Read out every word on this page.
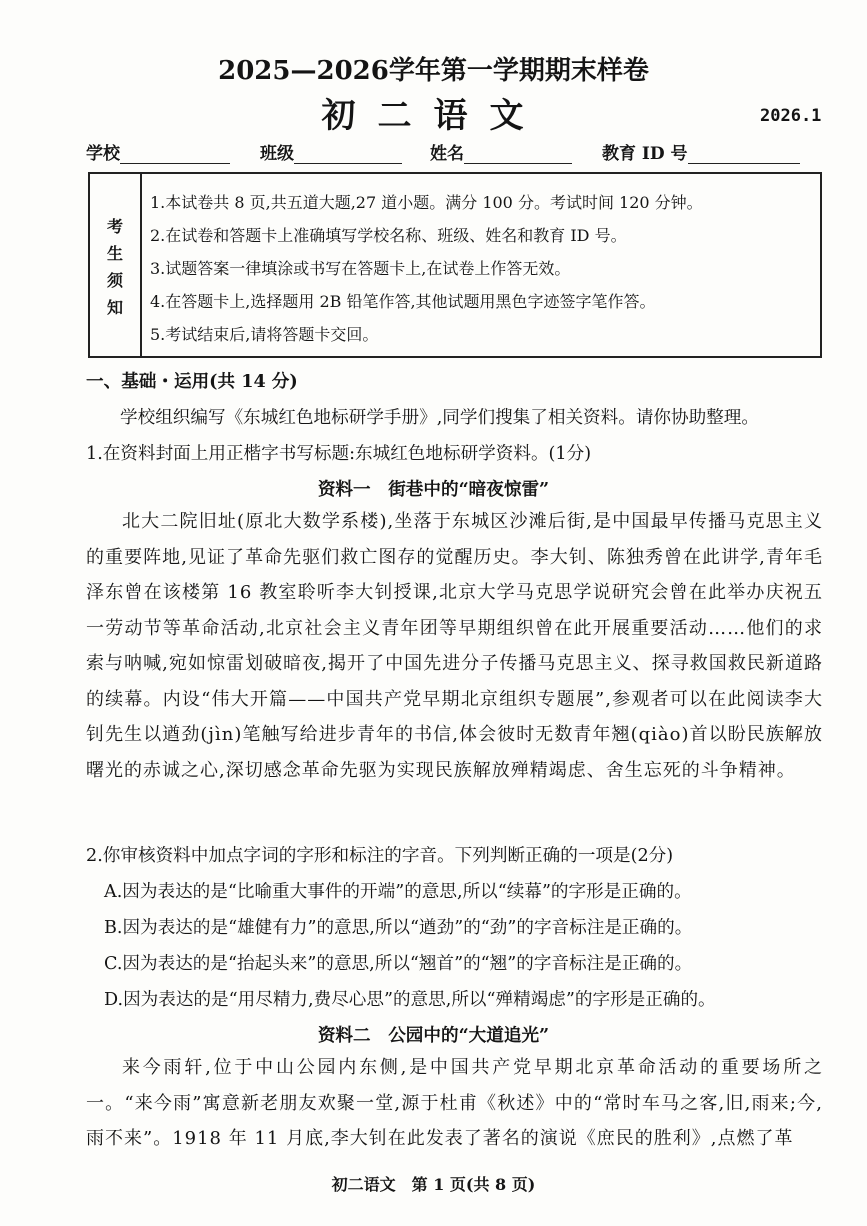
2025—2026学年第一学期期末样卷
初二语文	2026.1
学校	班级	姓名	教育 ID 号
考
生
须
知
1.本试卷共 8 页,共五道大题,27 道小题。满分 100 分。考试时间 120 分钟。
2.在试卷和答题卡上准确填写学校名称、班级、姓名和教育 ID 号。
3.试题答案一律填涂或书写在答题卡上,在试卷上作答无效。
4.在答题卡上,选择题用 2B 铅笔作答,其他试题用黑色字迹签字笔作答。
5.考试结束后,请将答题卡交回。
一、基础・运用(共 14 分)
学校组织编写《东城红色地标研学手册》,同学们搜集了相关资料。请你协助整理。
1.在资料封面上用正楷字书写标题:东城红色地标研学资料。(1分)
资料一　街巷中的“暗夜惊雷”

北大二院旧址(原北大数学系楼),坐落于东城区沙滩后街,是中国最早传播马克思主义的重要阵地,见证了革命先驱们救亡图存的觉醒历史。李大钊、陈独秀曾在此讲学,青年毛泽东曾在该楼第 16 教室聆听李大钊授课,北京大学马克思学说研究会曾在此举办庆祝五一劳动节等革命活动,北京社会主义青年团等早期组织曾在此开展重要活动……他们的求索与呐喊,宛如惊雷划破暗夜,揭开了中国先进分子传播马克思主义、探寻救国救民新道路的续幕。内设“伟大开篇——中国共产党早期北京组织专题展”,参观者可以在此阅读李大钊先生以遒劲(jìn)笔触写给进步青年的书信,体会彼时无数青年翘(qiào)首以盼民族解放曙光的赤诚之心,深切感念革命先驱为实现民族解放殚精竭虑、舍生忘死的斗争精神。

2.你审核资料中加点字词的字形和标注的字音。下列判断正确的一项是(2分)
A.因为表达的是“比喻重大事件的开端”的意思,所以“续幕”的字形是正确的。
B.因为表达的是“雄健有力”的意思,所以“遒劲”的“劲”的字音标注是正确的。
C.因为表达的是“抬起头来”的意思,所以“翘首”的“翘”的字音标注是正确的。
D.因为表达的是“用尽精力,费尽心思”的意思,所以“殚精竭虑”的字形是正确的。
资料二　公园中的“大道追光”

来今雨轩,位于中山公园内东侧,是中国共产党早期北京革命活动的重要场所之一。“来今雨”寓意新老朋友欢聚一堂,源于杜甫《秋述》中的“常时车马之客,旧,雨来;今,雨不来”。1918 年 11 月底,李大钊在此发表了著名的演说《庶民的胜利》,点燃了革

初二语文　第 1 页(共 8 页)
